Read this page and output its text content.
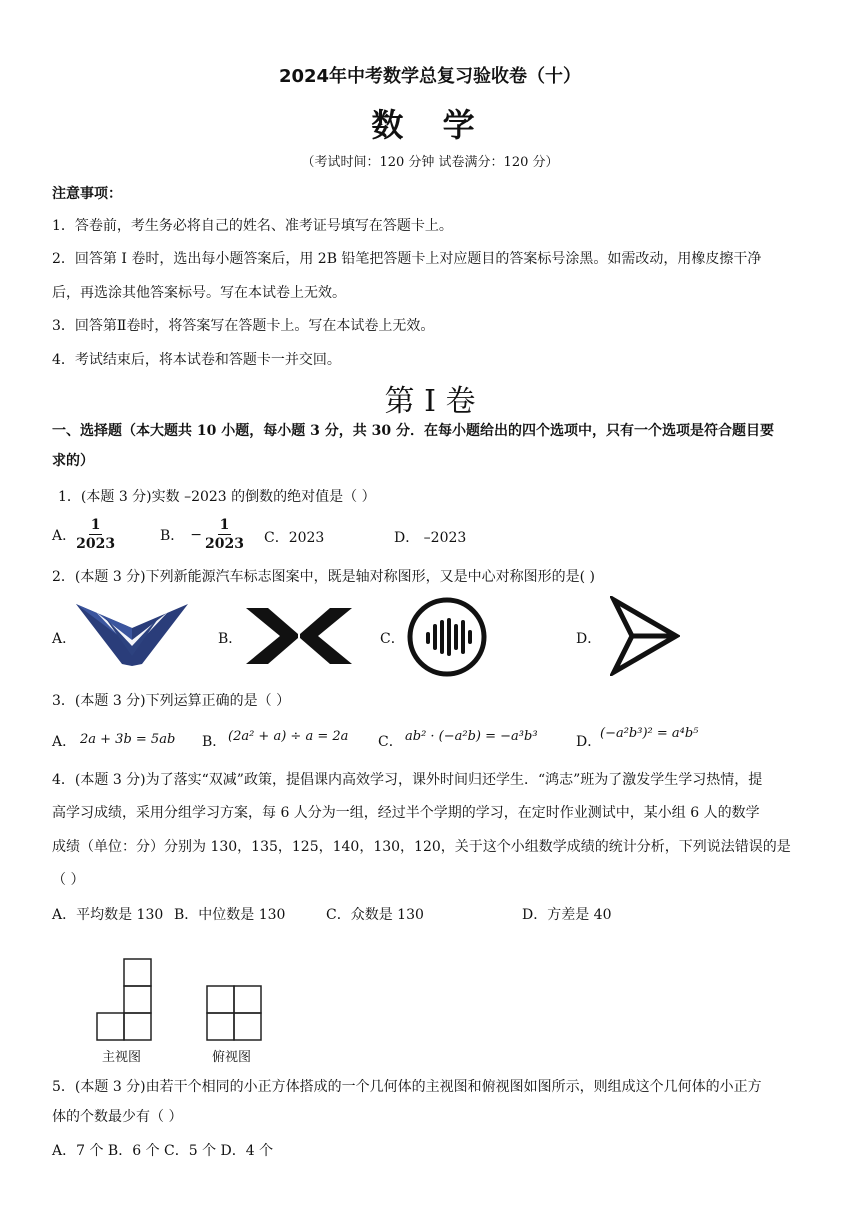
2024年中考数学总复习验收卷（十）
数 学
（考试时间：120 分钟 试卷满分：120 分）
注意事项：
1．答卷前，考生务必将自己的姓名、准考证号填写在答题卡上。
2．回答第 I 卷时，选出每小题答案后，用 2B 铅笔把答题卡上对应题目的答案标号涂黑。如需改动，用橡皮擦干净
后，再选涂其他答案标号。写在本试卷上无效。
3．回答第Ⅱ卷时，将答案写在答题卡上。写在本试卷上无效。
4．考试结束后，将本试卷和答题卡一并交回。
第 I 卷
一、选择题（本大题共 10 小题，每小题 3 分，共 30 分．在每小题给出的四个选项中，只有一个选项是符合题目要
求的）
1．(本题 3 分)实数 –2023 的倒数的绝对值是（ ）
A． $\frac{1}{2023}$	B． − $\frac{1}{2023}$ C．2023	D． –2023
2．(本题 3 分)下列新能源汽车标志图案中，既是轴对称图形，又是中心对称图形的是( )
A．	B．	C．	D．
3．(本题 3 分)下列运算正确的是（ ）
A． 2a + 3b = 5ab B． (2a² + a) ÷ a = 2a C． ab² · (−a²b) = −a³b³	D．
(−a²b³)² = a⁴b⁵
4．(本题 3 分)为了落实“双减”政策，提倡课内高效学习，课外时间归还学生．“鸿志”班为了激发学生学习热情，提
高学习成绩，采用分组学习方案，每 6 人分为一组，经过半个学期的学习，在定时作业测试中，某小组 6 人的数学
成绩（单位：分）分别为 130，135，125，140，130，120，关于这个小组数学成绩的统计分析，下列说法错误的是
（ ）
A．平均数是 130 B．中位数是 130	C．众数是 130	D．方差是 40
主视图	俯视图
5．(本题 3 分)由若干个相同的小正方体搭成的一个几何体的主视图和俯视图如图所示，则组成这个几何体的小正方
体的个数最少有（ ）
A．7 个 B．6 个 C．5 个 D．4 个
